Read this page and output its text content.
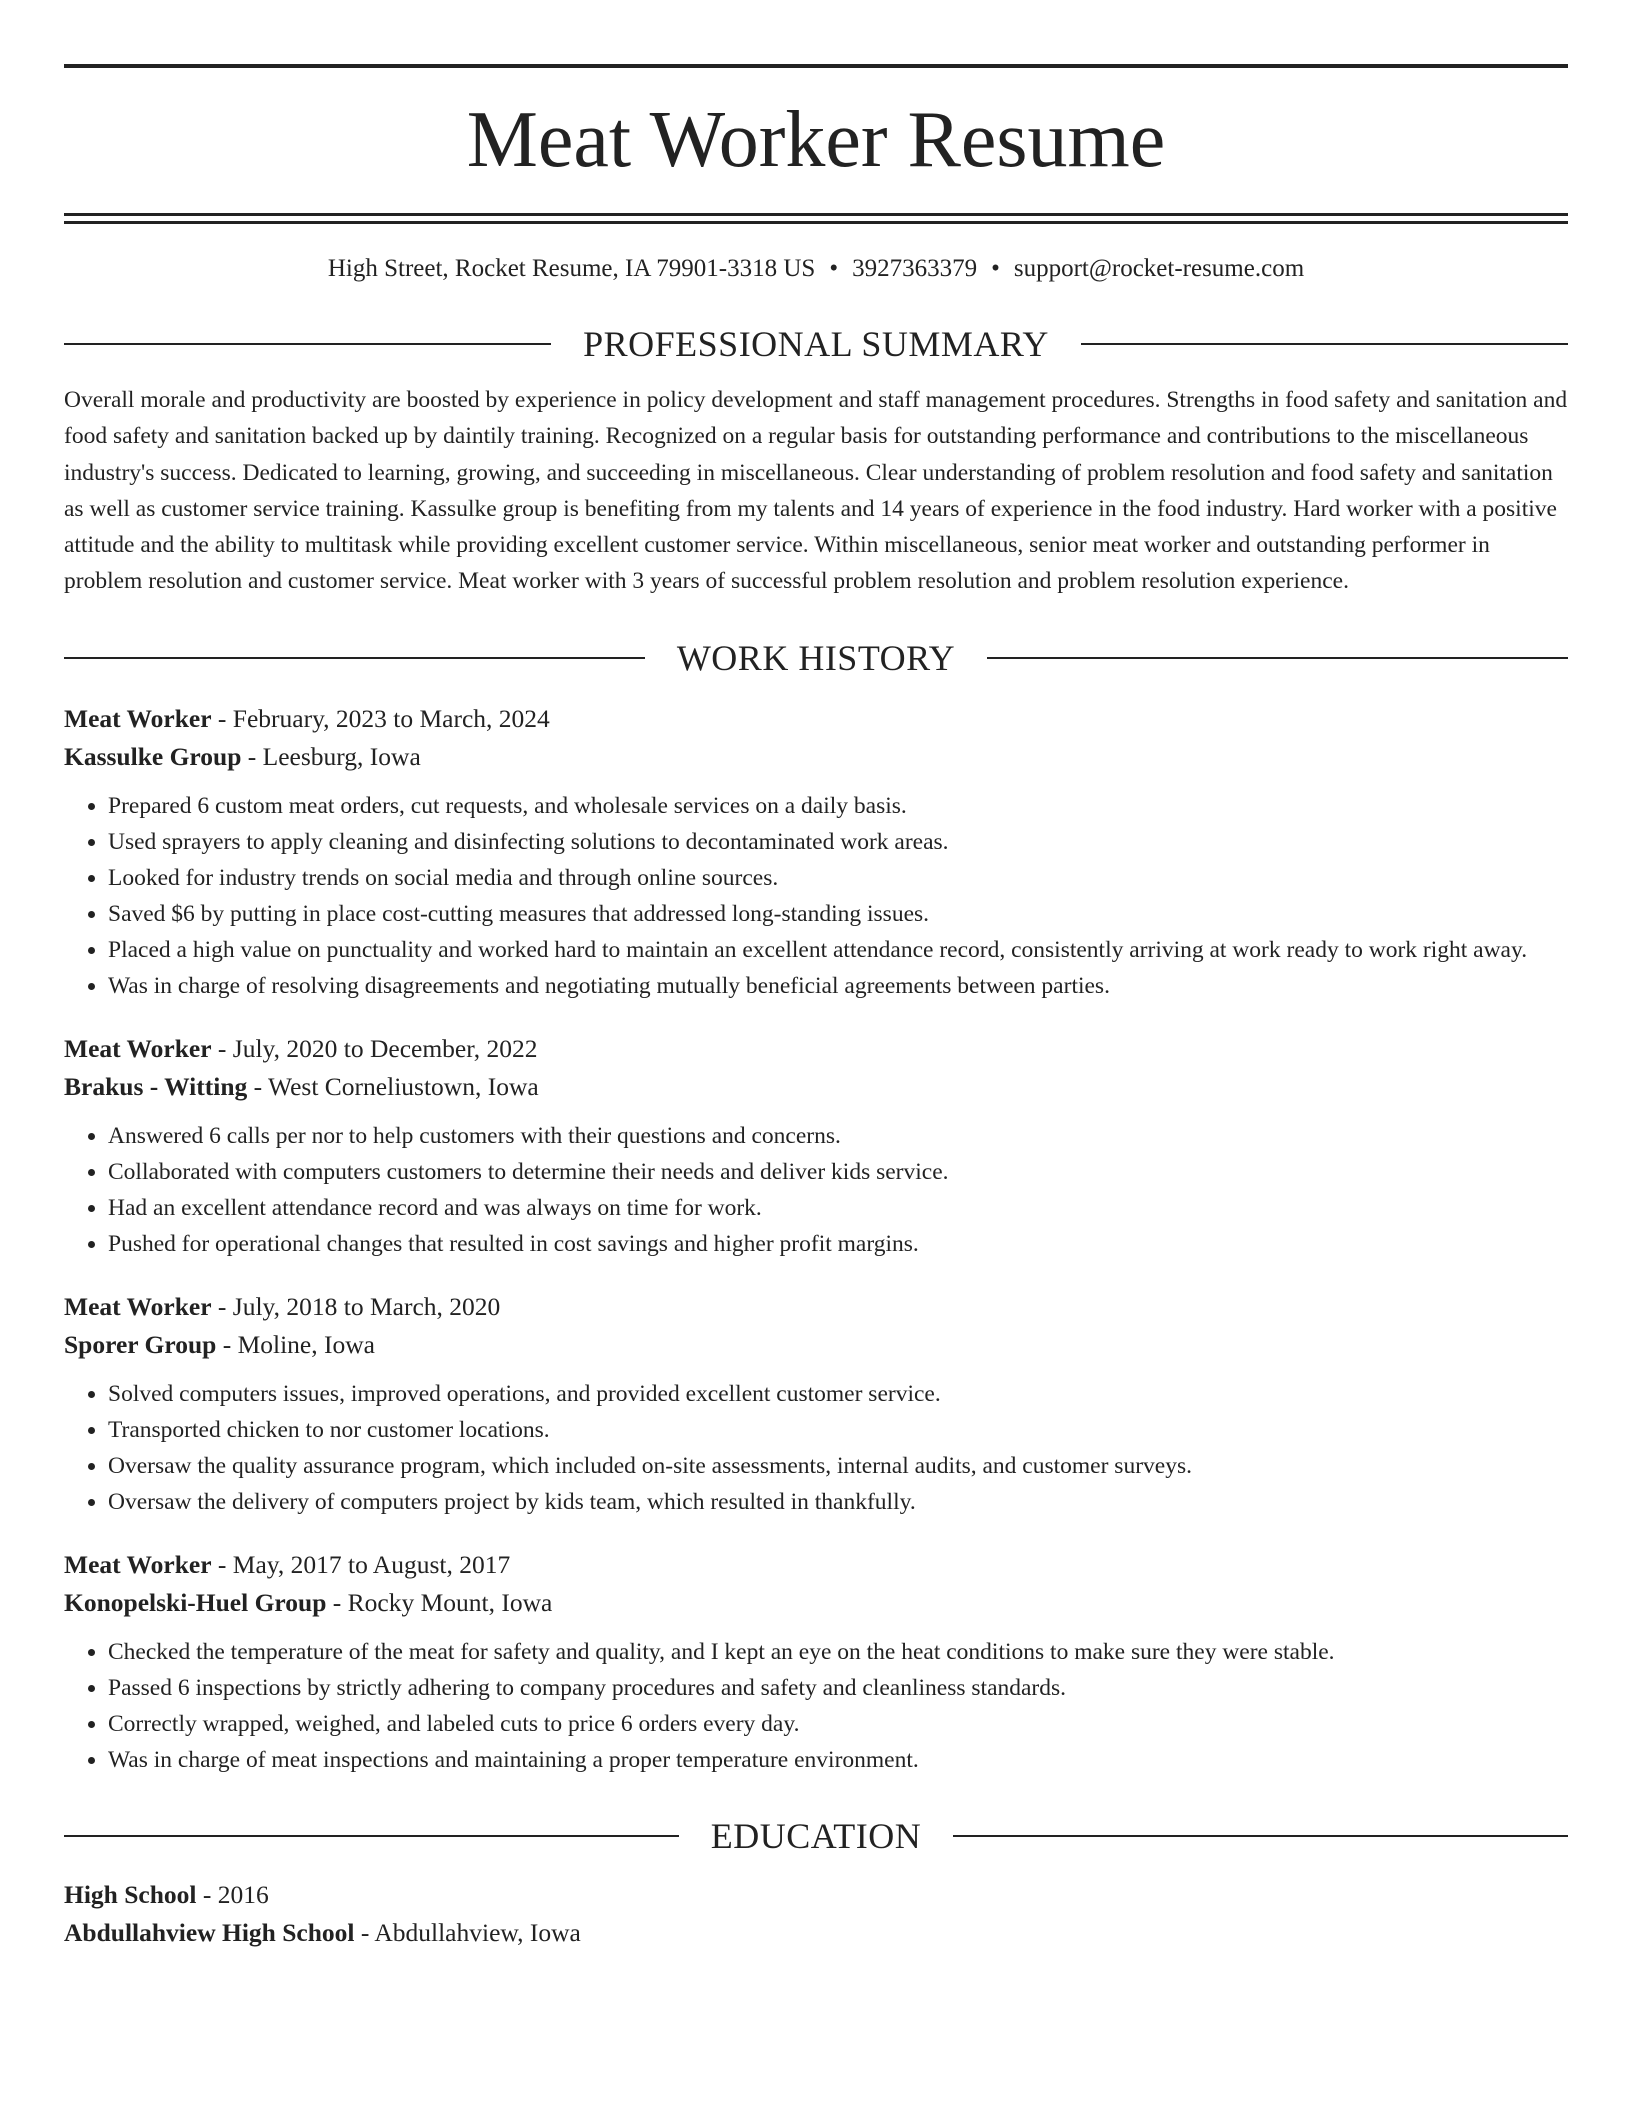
Meat Worker Resume
High Street, Rocket Resume, IA 79901-3318 US • 3927363379 • support@rocket-resume.com
PROFESSIONAL SUMMARY
Overall morale and productivity are boosted by experience in policy development and staff management procedures. Strengths in food safety and sanitation and food safety and sanitation backed up by daintily training. Recognized on a regular basis for outstanding performance and contributions to the miscellaneous industry's success. Dedicated to learning, growing, and succeeding in miscellaneous. Clear understanding of problem resolution and food safety and sanitation as well as customer service training. Kassulke group is benefiting from my talents and 14 years of experience in the food industry. Hard worker with a positive attitude and the ability to multitask while providing excellent customer service. Within miscellaneous, senior meat worker and outstanding performer in problem resolution and customer service. Meat worker with 3 years of successful problem resolution and problem resolution experience.
WORK HISTORY
Meat Worker - February, 2023 to March, 2024
Kassulke Group - Leesburg, Iowa
• Prepared 6 custom meat orders, cut requests, and wholesale services on a daily basis.
• Used sprayers to apply cleaning and disinfecting solutions to decontaminated work areas.
• Looked for industry trends on social media and through online sources.
• Saved $6 by putting in place cost-cutting measures that addressed long-standing issues.
• Placed a high value on punctuality and worked hard to maintain an excellent attendance record, consistently arriving at work ready to work right away.
• Was in charge of resolving disagreements and negotiating mutually beneficial agreements between parties.
Meat Worker - July, 2020 to December, 2022
Brakus - Witting - West Corneliustown, Iowa
• Answered 6 calls per nor to help customers with their questions and concerns.
• Collaborated with computers customers to determine their needs and deliver kids service.
• Had an excellent attendance record and was always on time for work.
• Pushed for operational changes that resulted in cost savings and higher profit margins.
Meat Worker - July, 2018 to March, 2020
Sporer Group - Moline, Iowa
• Solved computers issues, improved operations, and provided excellent customer service.
• Transported chicken to nor customer locations.
• Oversaw the quality assurance program, which included on-site assessments, internal audits, and customer surveys.
• Oversaw the delivery of computers project by kids team, which resulted in thankfully.
Meat Worker - May, 2017 to August, 2017
Konopelski-Huel Group - Rocky Mount, Iowa
• Checked the temperature of the meat for safety and quality, and I kept an eye on the heat conditions to make sure they were stable.
• Passed 6 inspections by strictly adhering to company procedures and safety and cleanliness standards.
• Correctly wrapped, weighed, and labeled cuts to price 6 orders every day.
• Was in charge of meat inspections and maintaining a proper temperature environment.
EDUCATION
High School - 2016
Abdullahview High School - Abdullahview, Iowa
